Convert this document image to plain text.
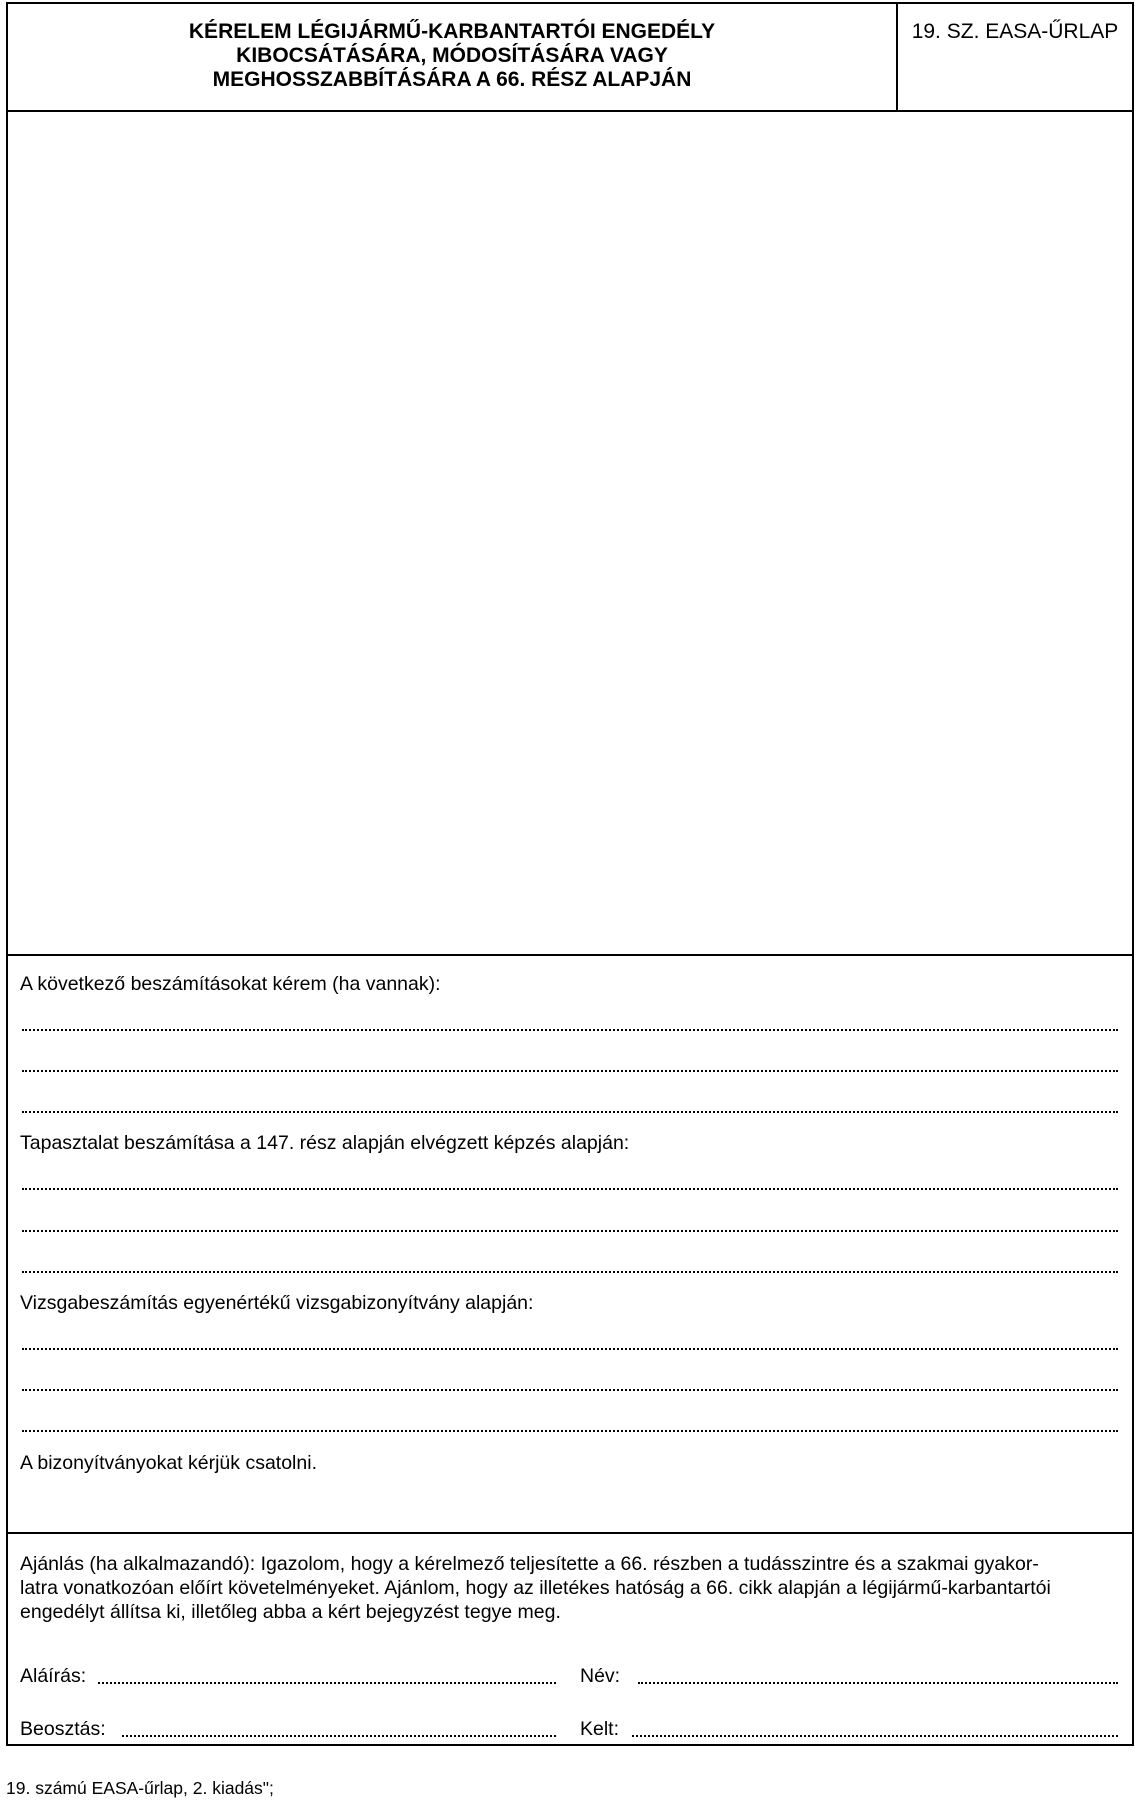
KÉRELEM LÉGIJÁRMŰ-KARBANTARTÓI ENGEDÉLY
KIBOCSÁTÁSÁRA, MÓDOSÍTÁSÁRA VAGY
MEGHOSSZABBÍTÁSÁRA A 66. RÉSZ ALAPJÁN
19. SZ. EASA-ŰRLAP
A következő beszámításokat kérem (ha vannak):
Tapasztalat beszámítása a 147. rész alapján elvégzett képzés alapján:
Vizsgabeszámítás egyenértékű vizsgabizonyítvány alapján:
A bizonyítványokat kérjük csatolni.
Ajánlás (ha alkalmazandó): Igazolom, hogy a kérelmező teljesítette a 66. részben a tudásszintre és a szakmai gyakor-
latra vonatkozóan előírt követelményeket. Ajánlom, hogy az illetékes hatóság a 66. cikk alapján a légijármű-karbantartói
engedélyt állítsa ki, illetőleg abba a kért bejegyzést tegye meg.
Aláírás:	Név:
Beosztás:	Kelt:
19. számú EASA-űrlap, 2. kiadás";
